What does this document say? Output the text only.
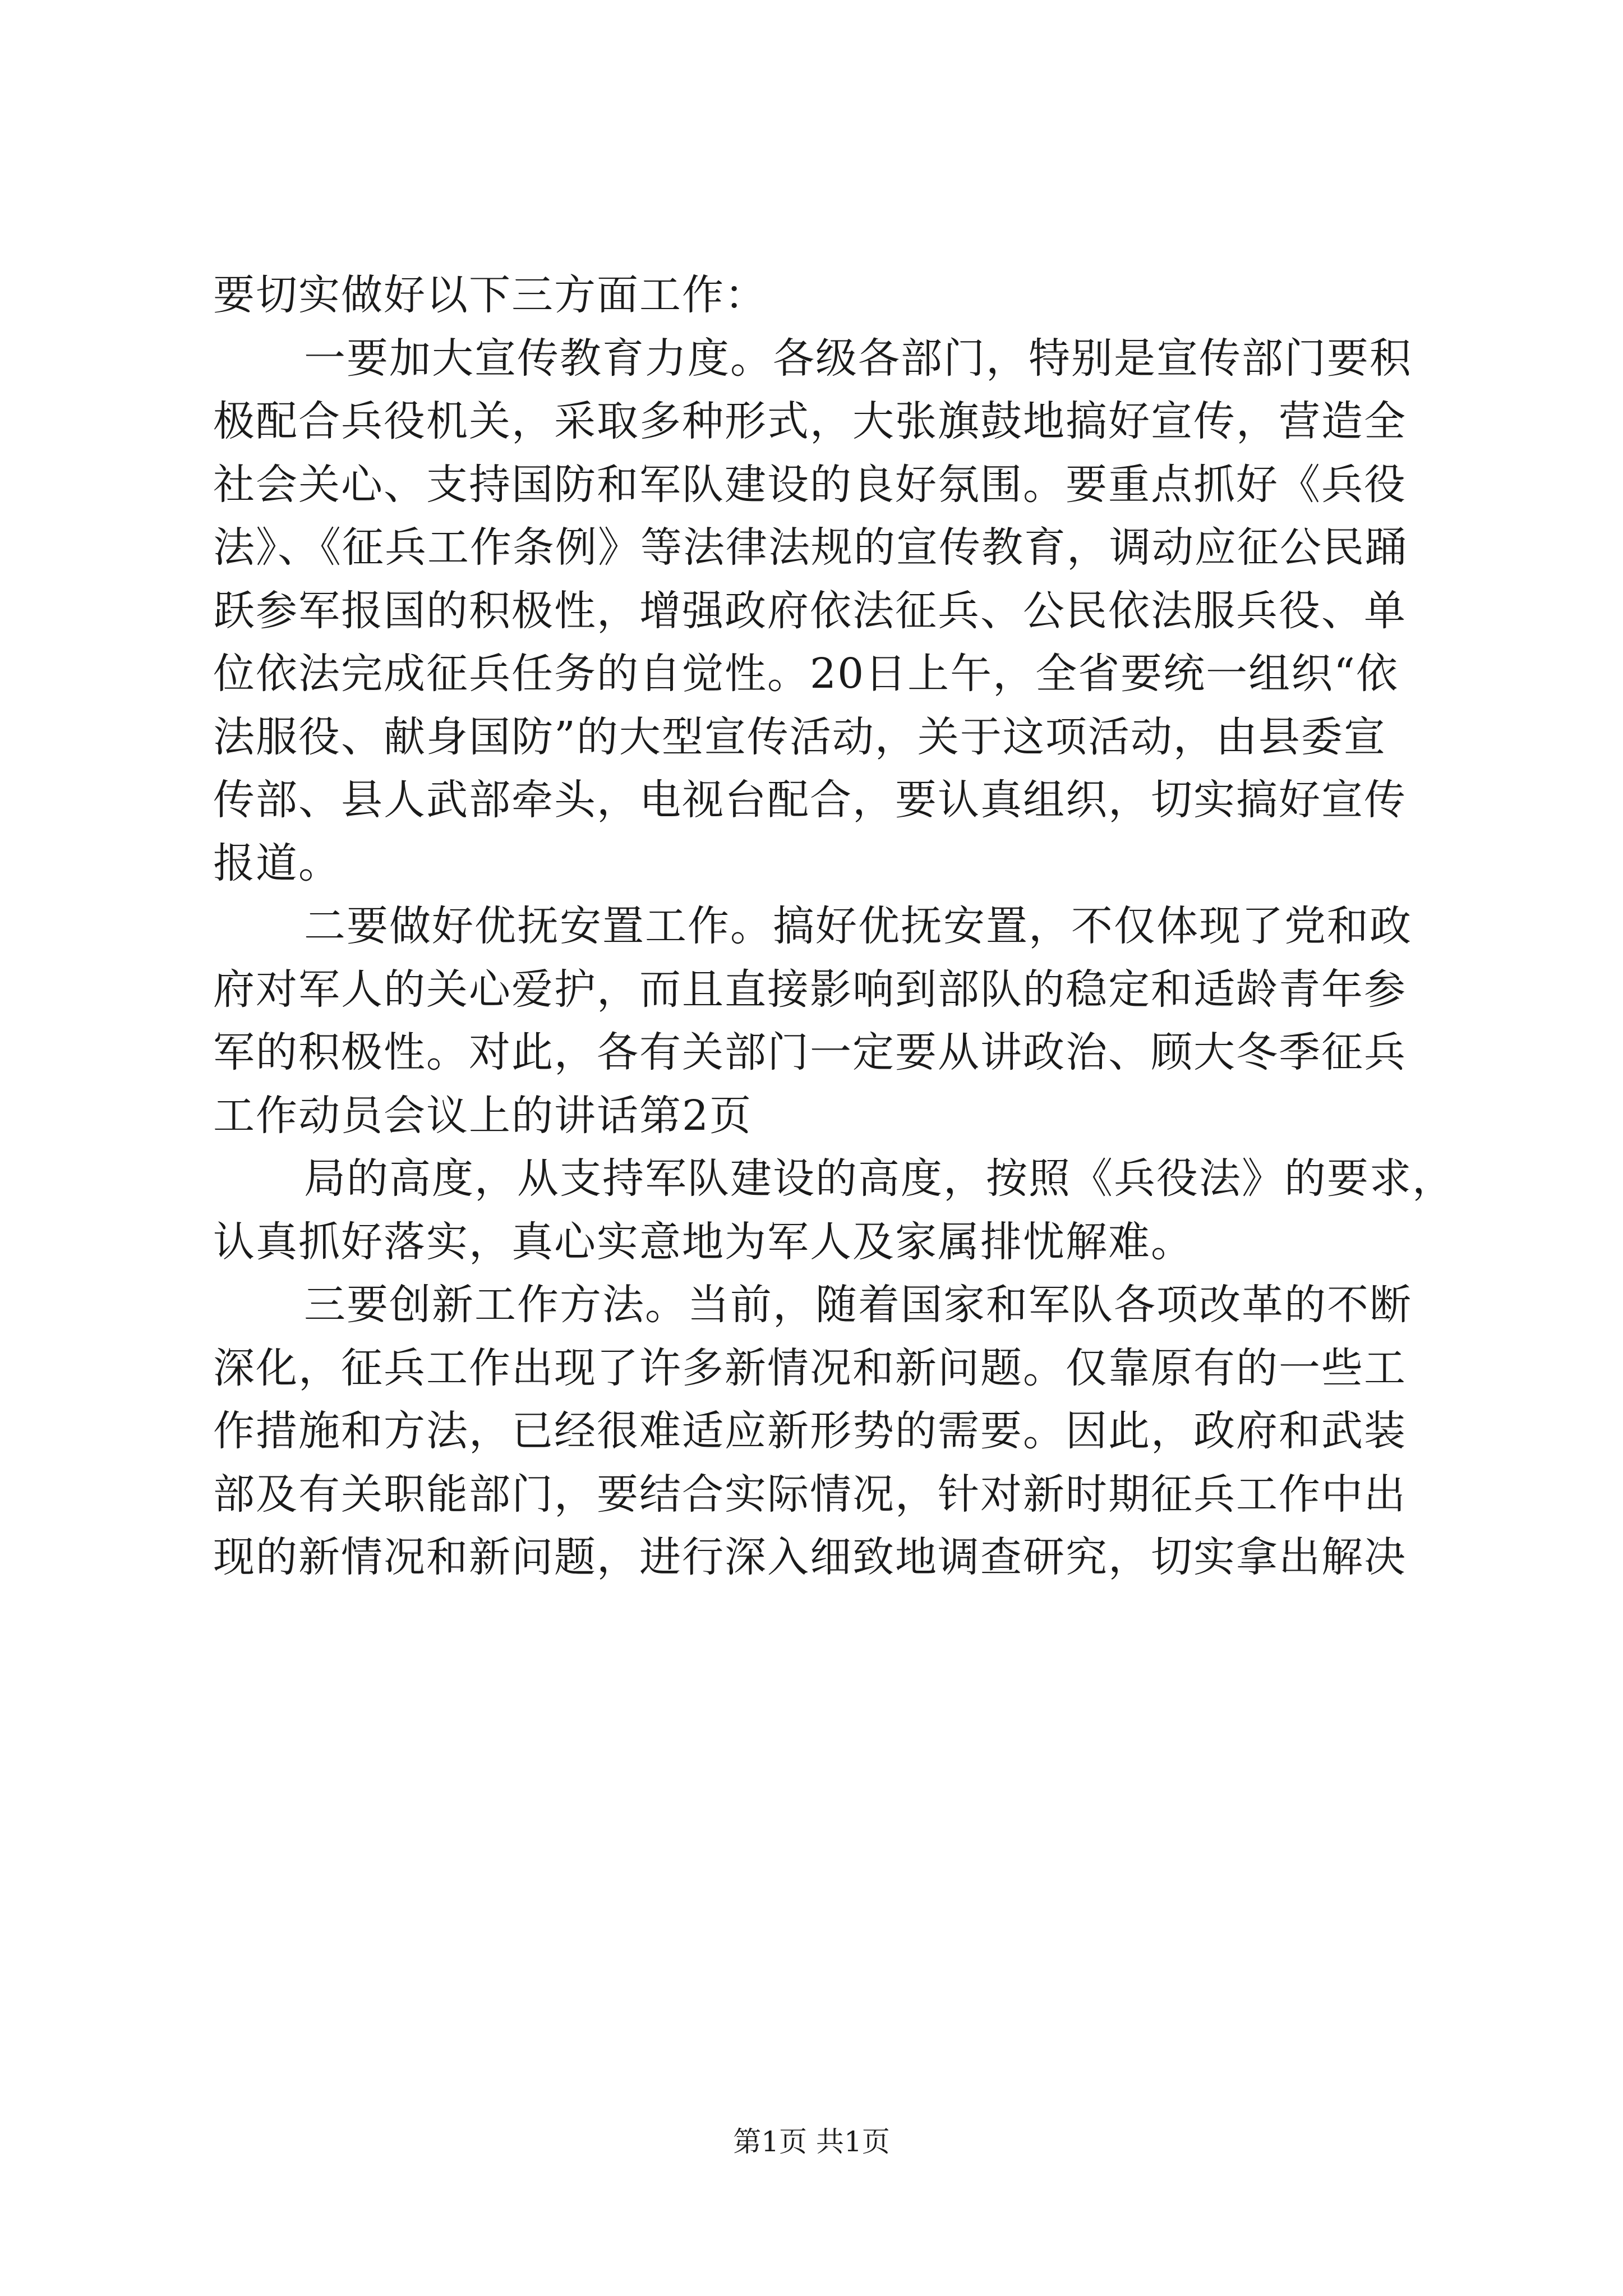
要切实做好以下三方面工作：
一要加大宣传教育力度。各级各部门，特别是宣传部门要积
极配合兵役机关，采取多种形式，大张旗鼓地搞好宣传，营造全
社会关心、支持国防和军队建设的良好氛围。要重点抓好《兵役
法》、《征兵工作条例》等法律法规的宣传教育，调动应征公民踊
跃参军报国的积极性，增强政府依法征兵、公民依法服兵役、单
位依法完成征兵任务的自觉性。20日上午，全省要统一组织“依
法服役、献身国防”的大型宣传活动，关于这项活动，由县委宣
传部、县人武部牵头，电视台配合，要认真组织，切实搞好宣传
报道。
二要做好优抚安置工作。搞好优抚安置，不仅体现了党和政
府对军人的关心爱护，而且直接影响到部队的稳定和适龄青年参
军的积极性。对此，各有关部门一定要从讲政治、顾大冬季征兵
工作动员会议上的讲话第2页
局的高度，从支持军队建设的高度，按照《兵役法》的要求，
认真抓好落实，真心实意地为军人及家属排忧解难。
三要创新工作方法。当前，随着国家和军队各项改革的不断
深化，征兵工作出现了许多新情况和新问题。仅靠原有的一些工
作措施和方法，已经很难适应新形势的需要。因此，政府和武装
部及有关职能部门，要结合实际情况，针对新时期征兵工作中出
现的新情况和新问题，进行深入细致地调查研究，切实拿出解决
第1页 共1页
